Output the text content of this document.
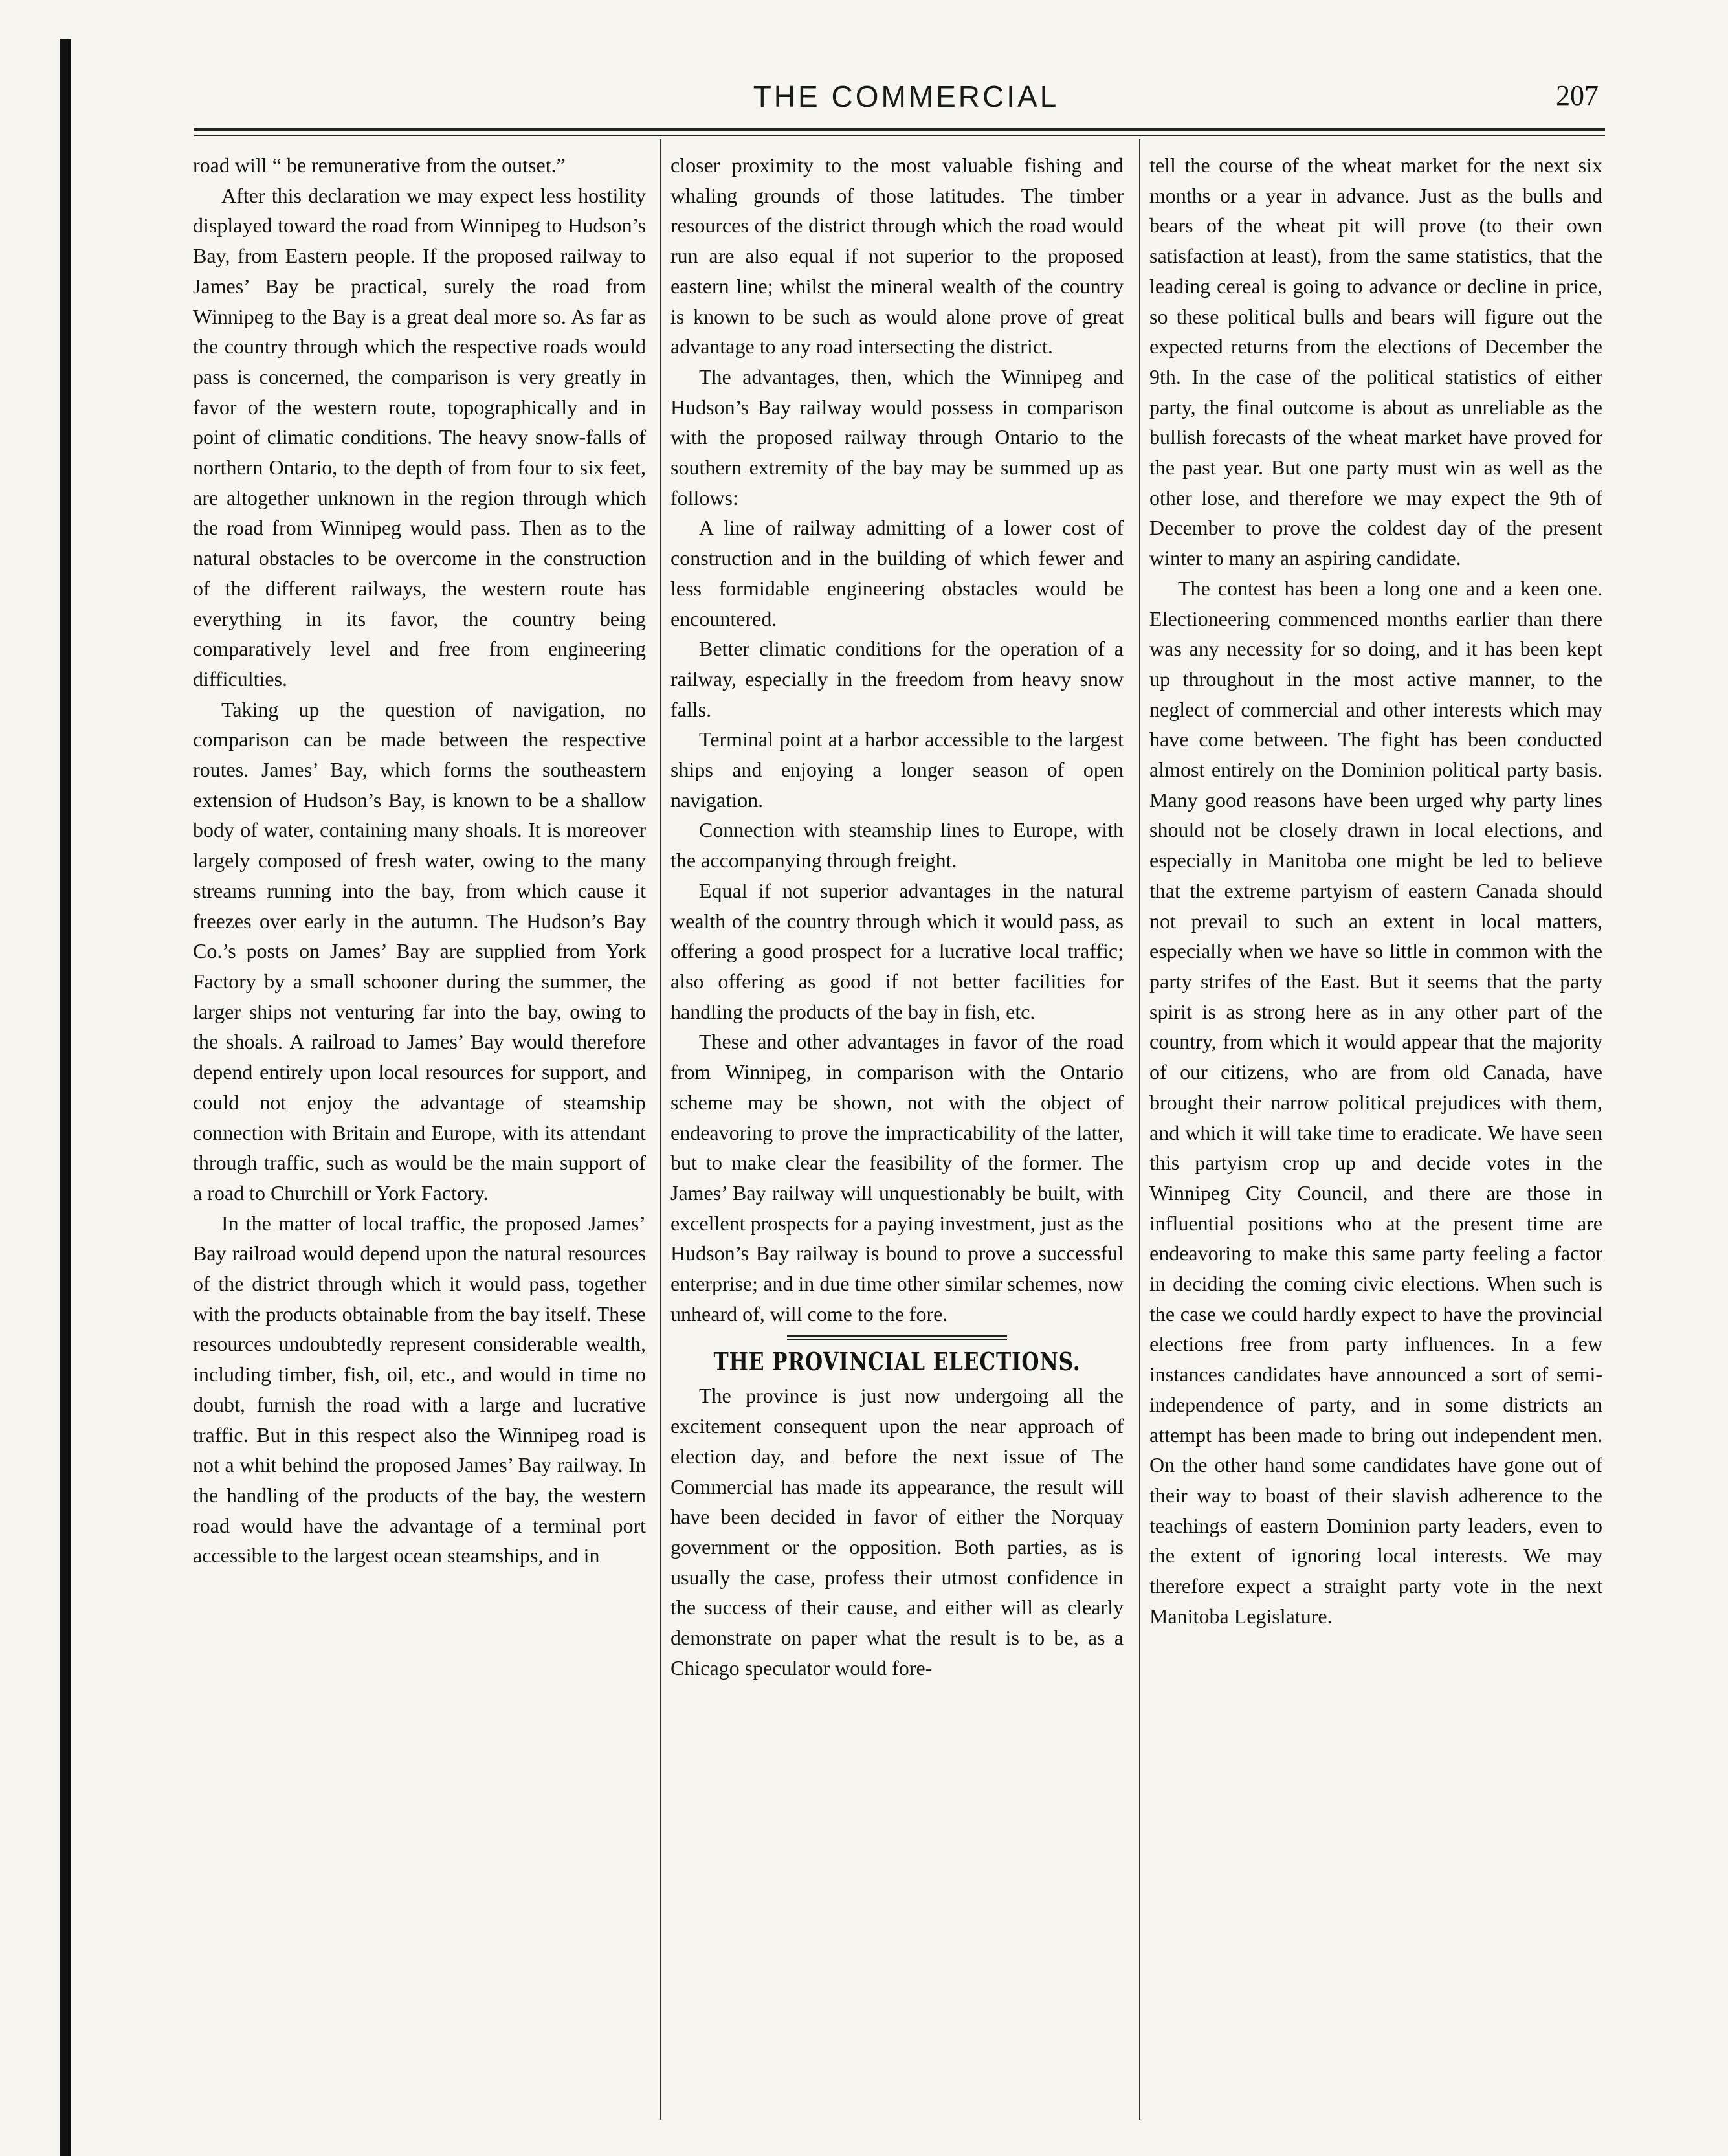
THE COMMERCIAL	207

road will “ be remunerative from the outset.”

After this declaration we may expect less hostility displayed toward the road from Winnipeg to Hudson’s Bay, from Eastern people. If the proposed railway to James’ Bay be practical, surely the road from Winnipeg to the Bay is a great deal more so. As far as the country through which the respective roads would pass is concerned, the comparison is very greatly in favor of the western route, topographically and in point of climatic conditions. The heavy snow-falls of northern Ontario, to the depth of from four to six feet, are altogether unknown in the region through which the road from Winnipeg would pass. Then as to the natural obstacles to be overcome in the construction of the different railways, the western route has everything in its favor, the country being comparatively level and free from engineering difficulties.

Taking up the question of navigation, no comparison can be made between the respective routes. James’ Bay, which forms the southeastern extension of Hudson’s Bay, is known to be a shallow body of water, containing many shoals. It is moreover largely composed of fresh water, owing to the many streams running into the bay, from which cause it freezes over early in the autumn. The Hudson’s Bay Co.’s posts on James’ Bay are supplied from York Factory by a small schooner during the summer, the larger ships not venturing far into the bay, owing to the shoals. A railroad to James’ Bay would therefore depend entirely upon local resources for support, and could not enjoy the advantage of steamship connection with Britain and Europe, with its attendant through traffic, such as would be the main support of a road to Churchill or York Factory.

In the matter of local traffic, the proposed James’ Bay railroad would depend upon the natural resources of the district through which it would pass, together with the products obtainable from the bay itself. These resources undoubtedly represent considerable wealth, including timber, fish, oil, etc., and would in time no doubt, furnish the road with a large and lucrative traffic. But in this respect also the Winnipeg road is not a whit behind the proposed James’ Bay railway. In the handling of the products of the bay, the western road would have the advantage of a terminal port accessible to the largest ocean steamships, and in

closer proximity to the most valuable fishing and whaling grounds of those latitudes. The timber resources of the district through which the road would run are also equal if not superior to the proposed eastern line; whilst the mineral wealth of the country is known to be such as would alone prove of great advantage to any road intersecting the district.

The advantages, then, which the Winnipeg and Hudson’s Bay railway would possess in comparison with the proposed railway through Ontario to the southern extremity of the bay may be summed up as follows:

A line of railway admitting of a lower cost of construction and in the building of which fewer and less formidable engineering obstacles would be encountered.

Better climatic conditions for the operation of a railway, especially in the freedom from heavy snow falls.

Terminal point at a harbor accessible to the largest ships and enjoying a longer season of open navigation.

Connection with steamship lines to Europe, with the accompanying through freight.

Equal if not superior advantages in the natural wealth of the country through which it would pass, as offering a good prospect for a lucrative local traffic; also offering as good if not better facilities for handling the products of the bay in fish, etc.

These and other advantages in favor of the road from Winnipeg, in comparison with the Ontario scheme may be shown, not with the object of endeavoring to prove the impracticability of the latter, but to make clear the feasibility of the former. The James’ Bay railway will unquestionably be built, with excellent prospects for a paying investment, just as the Hudson’s Bay railway is bound to prove a successful enterprise; and in due time other similar schemes, now unheard of, will come to the fore.

THE PROVINCIAL ELECTIONS.

The province is just now undergoing all the excitement consequent upon the near approach of election day, and before the next issue of The Commercial has made its appearance, the result will have been decided in favor of either the Norquay government or the opposition. Both parties, as is usually the case, profess their utmost confidence in the success of their cause, and either will as clearly demonstrate on paper what the result is to be, as a Chicago speculator would fore-

tell the course of the wheat market for the next six months or a year in advance. Just as the bulls and bears of the wheat pit will prove (to their own satisfaction at least), from the same statistics, that the leading cereal is going to advance or decline in price, so these political bulls and bears will figure out the expected returns from the elections of December the 9th. In the case of the political statistics of either party, the final outcome is about as unreliable as the bullish forecasts of the wheat market have proved for the past year. But one party must win as well as the other lose, and therefore we may expect the 9th of December to prove the coldest day of the present winter to many an aspiring candidate.

The contest has been a long one and a keen one. Electioneering commenced months earlier than there was any necessity for so doing, and it has been kept up throughout in the most active manner, to the neglect of commercial and other interests which may have come between. The fight has been conducted almost entirely on the Dominion political party basis. Many good reasons have been urged why party lines should not be closely drawn in local elections, and especially in Manitoba one might be led to believe that the extreme partyism of eastern Canada should not prevail to such an extent in local matters, especially when we have so little in common with the party strifes of the East. But it seems that the party spirit is as strong here as in any other part of the country, from which it would appear that the majority of our citizens, who are from old Canada, have brought their narrow political prejudices with them, and which it will take time to eradicate. We have seen this partyism crop up and decide votes in the Winnipeg City Council, and there are those in influential positions who at the present time are endeavoring to make this same party feeling a factor in deciding the coming civic elections. When such is the case we could hardly expect to have the provincial elections free from party influences. In a few instances candidates have announced a sort of semi-independence of party, and in some districts an attempt has been made to bring out independent men. On the other hand some candidates have gone out of their way to boast of their slavish adherence to the teachings of eastern Dominion party leaders, even to the extent of ignoring local interests. We may therefore expect a straight party vote in the next Manitoba Legislature.
